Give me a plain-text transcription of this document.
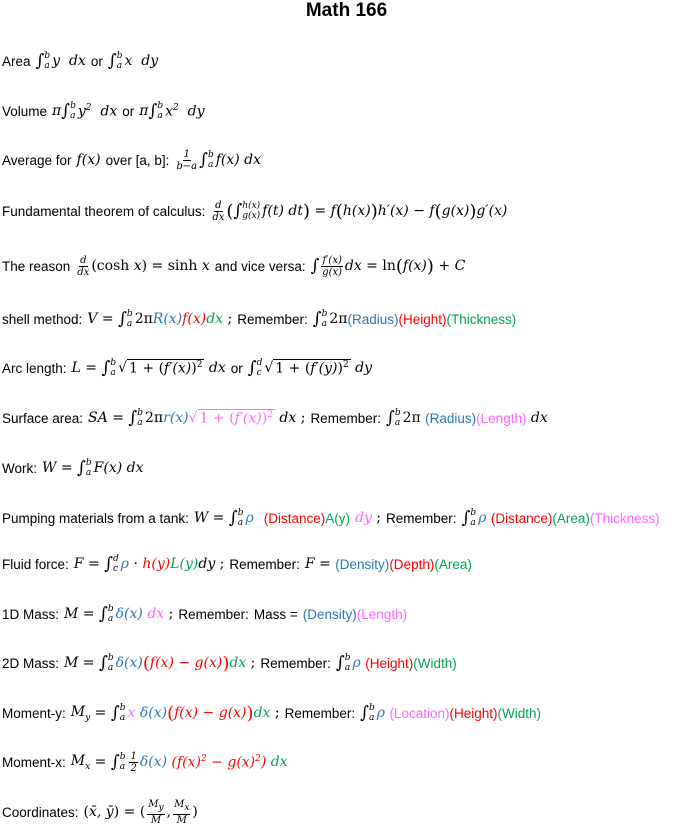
Math 166
Area ∫ b
a y  dx or ∫ b
a x  dy
Volume π ∫ b
a $y^2$  dx or π ∫ b
a $x^2$  dy
Average for f(x) over [a, b]: $\frac{1}{b-a}$ ∫ b
a f(x) dx
Fundamental theorem of calculus: $\frac{d}{dx}$ ( ∫ h(x)
g(x) f(t) dt ) = f ( h(x) ) h′(x) − f ( g(x) ) g′(x)
The reason $\frac{d}{dx} (\cosh$ x ) = sinh x and vice versa: ∫ $\frac{f'(x)}{g(x)}$ dx = ln ( f(x) ) + C
shell method: V = ∫ b
a 2π R(x) f(x) dx ; Remember: ∫ b
a 2π (Radius) (Height) (Thickness)
Arc length: L = ∫ b
a √ $1 + (f'(x))^2$ dx or ∫ d
c √ $1 + (f'(y))^2$ dy
Surface area: SA = ∫ b
a 2π r(x) √ $1 + (f'(x))^2$ dx ; Remember: ∫ b
a 2π (Radius) (Length) dx
Work: W = ∫ b
a F(x) dx
Pumping materials from a tank: W = ∫ b
a ρ (Distance) A(y) dy ; Remember: ∫ b
a ρ (Distance) (Area) (Thickness)
Fluid force: F = ∫ d
c ρ · h(y) L(y) dy ; Remember: F = (Density) (Depth) (Area)
1D Mass: M = ∫ b
a δ(x) dx ; Remember: Mass = (Density) (Length)
2D Mass: M = ∫ b
a δ(x) ( f(x) − g(x) ) dx ; Remember: ∫ b
a ρ (Height) (Width)
Moment-y: $M_y$ = ∫ b
a x δ(x) ( f(x) − g(x) ) dx ; Remember: ∫ b
a ρ (Location) (Height) (Width)
Moment-x: $M_x$ = ∫ b
a $\frac{1}{2} \delta(x) (f(x)^2 - g(x)^2)$ dx
Coordinates: ( x̄, ȳ ) = ( $\frac{M_y}{M}$ , $\frac{M_x}{M}$ )
